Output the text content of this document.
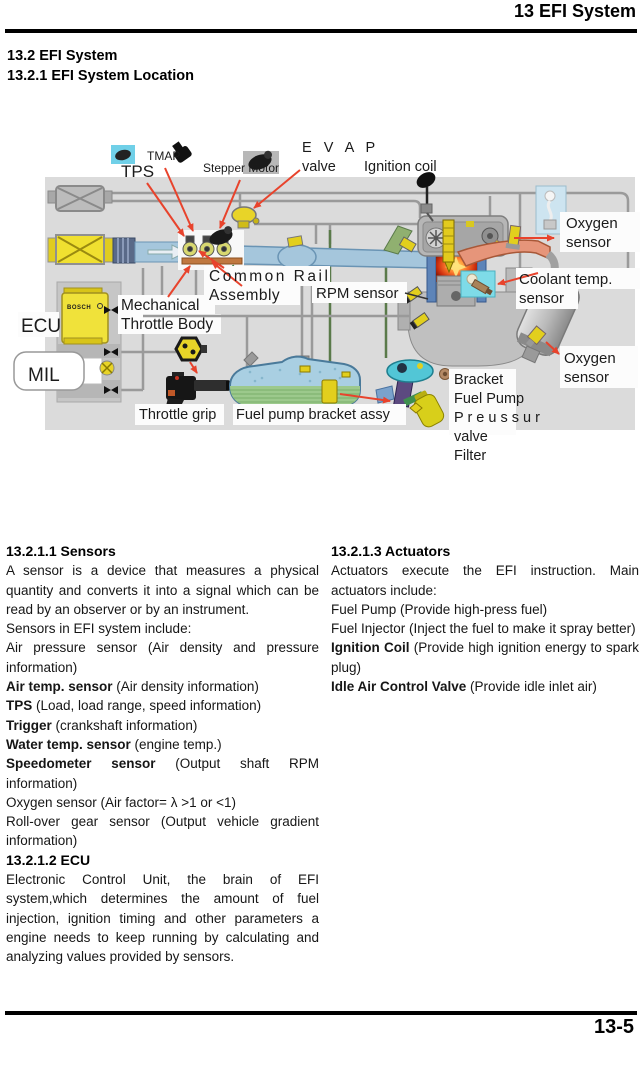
13 EFI System
13.2 EFI System
13.2.1 EFI System Location
BOSCH
TPS
TMAP
Stepper Motor
E V A P
valve Ignition coil
Oxygen
sensor
Coolant temp.
sensor
Common Rail
Assembly RPM sensor
Mechanical
Throttle Body
ECU
MIL
Throttle grip Fuel pump bracket assy
Bracket
Fuel Pump
P r e u s s u r
valve
Filter
Oxygen
sensor
13.2.1.1 Sensors

A sensor is a device that measures a physical quantity and converts it into a signal which can be read by an observer or by an instrument.

Sensors in EFI system include:

Air pressure sensor (Air density and pressure information)

Air temp. sensor (Air density information)

TPS (Load, load range, speed information)

Trigger (crankshaft information)

Water temp. sensor (engine temp.)

Speedometer sensor (Output shaft RPM information)

Oxygen sensor (Air factor= λ >1 or <1)

Roll-over gear sensor (Output vehicle gradient information)

13.2.1.2 ECU

Electronic Control Unit, the brain of EFI system,which determines the amount of fuel injection, ignition timing and other parameters a engine needs to keep running by calculating and analyzing values provided by sensors.

13.2.1.3 Actuators

Actuators execute the EFI instruction. Main actuators include:

Fuel Pump (Provide high-press fuel)

Fuel Injector (Inject the fuel to make it spray better)

Ignition Coil (Provide high ignition energy to spark plug)

Idle Air Control Valve (Provide idle inlet air)

13-5
